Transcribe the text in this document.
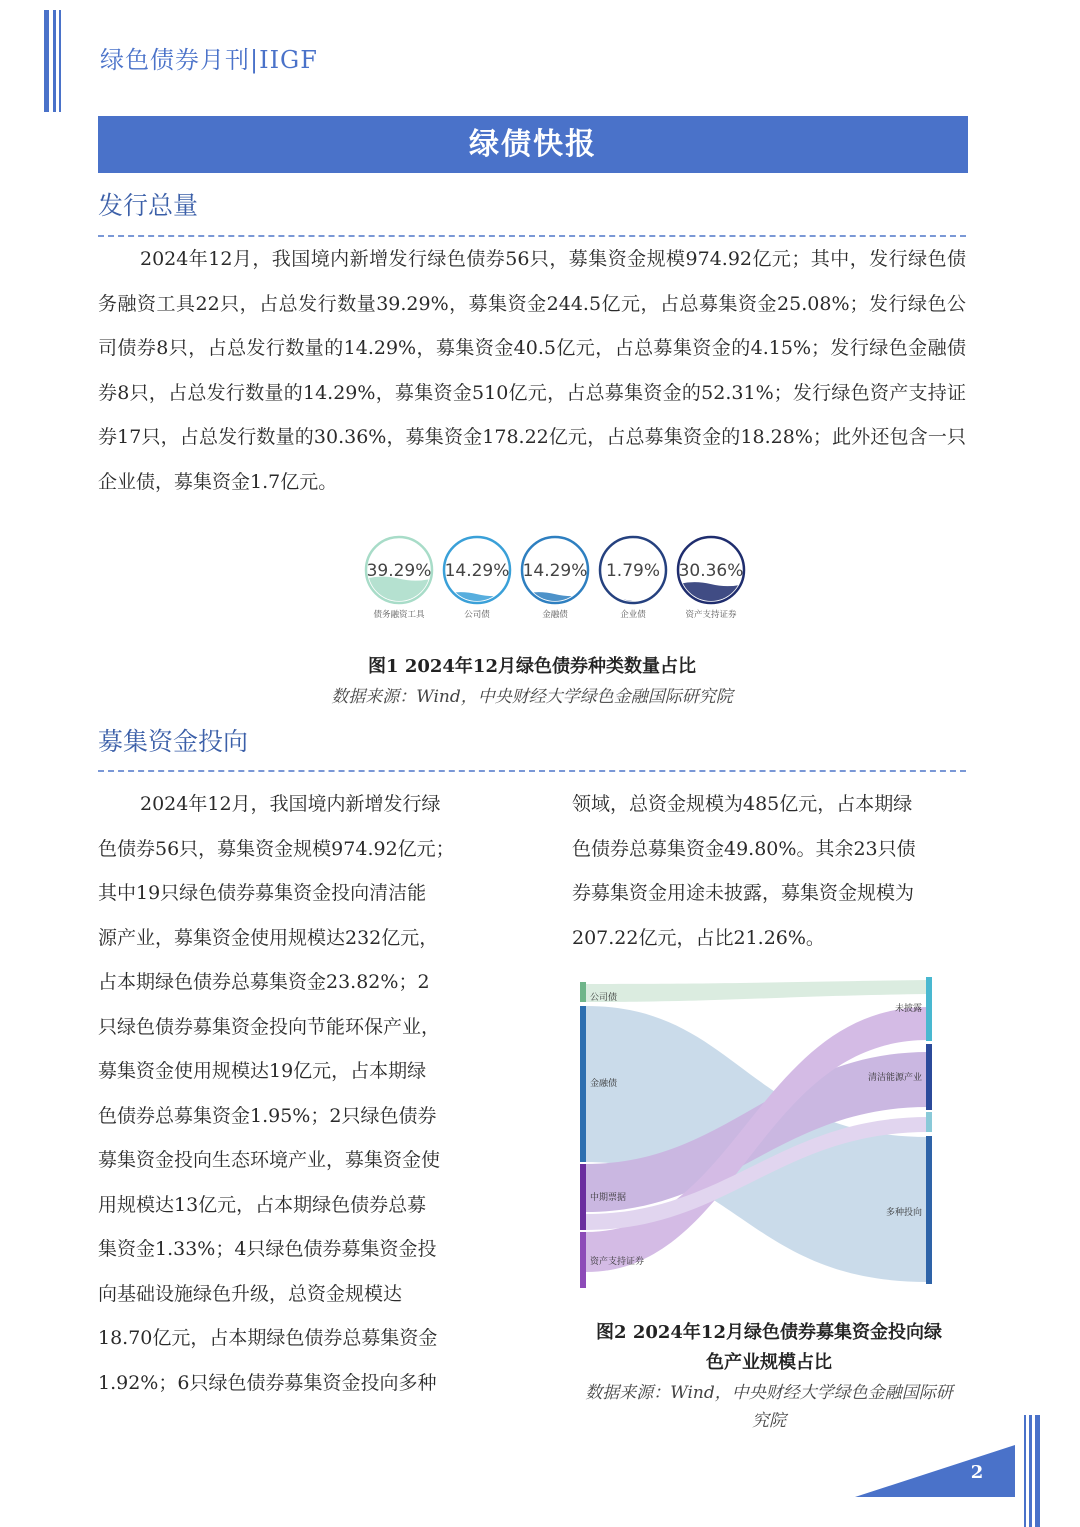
绿色债券月刊|IIGF
绿债快报
发行总量
2024年12月，我国境内新增发行绿色债券56只，募集资金规模974.92亿元；其中，发行绿色债务融资工具22只，占总发行数量39.29%，募集资金244.5亿元，占总募集资金25.08%；发行绿色公司债券8只，占总发行数量的14.29%，募集资金40.5亿元，占总募集资金的4.15%；发行绿色金融债券8只，占总发行数量的14.29%，募集资金510亿元，占总募集资金的52.31%；发行绿色资产支持证券17只，占总发行数量的30.36%，募集资金178.22亿元，占总募集资金的18.28%；此外还包含一只企业债，募集资金1.7亿元。
39.29%
债务融资工具
14.29%
公司债
14.29%
金融债
1.79%
企业债
30.36%
资产支持证券
图1 2024年12月绿色债券种类数量占比
数据来源：Wind，中央财经大学绿色金融国际研究院
募集资金投向
2024年12月，我国境内新增发行绿
色债券56只，募集资金规模974.92亿元；
其中19只绿色债券募集资金投向清洁能
源产业，募集资金使用规模达232亿元，
占本期绿色债券总募集资金23.82%；2
只绿色债券募集资金投向节能环保产业，
募集资金使用规模达19亿元，占本期绿
色债券总募集资金1.95%；2只绿色债券
募集资金投向生态环境产业，募集资金使
用规模达13亿元，占本期绿色债券总募
集资金1.33%；4只绿色债券募集资金投
向基础设施绿色升级，总资金规模达
18.70亿元，占本期绿色债券总募集资金
1.92%；6只绿色债券募集资金投向多种
领域，总资金规模为485亿元，占本期绿
色债券总募集资金49.80%。其余23只债
券募集资金用途未披露，募集资金规模为
207.22亿元，占比21.26%。
公司债
金融债
中期票据
资产支持证券
未披露
清洁能源产业
多种投向
图2 2024年12月绿色债券募集资金投向绿
色产业规模占比
数据来源：Wind，中央财经大学绿色金融国际研
究院
2
